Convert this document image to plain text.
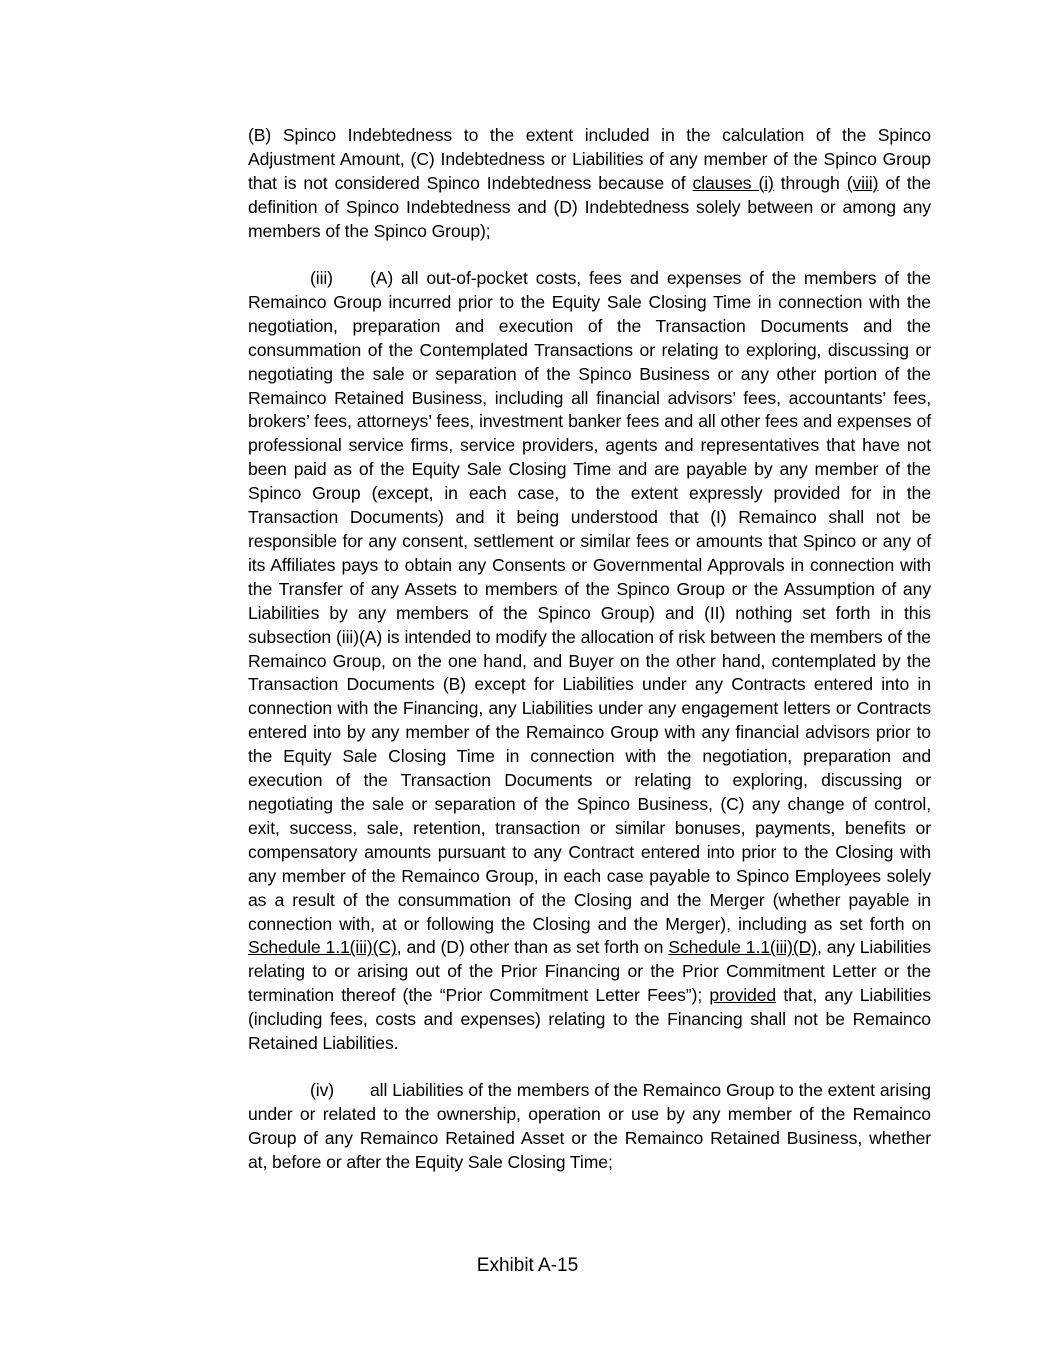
(B) Spinco Indebtedness to the extent included in the calculation of the Spinco Adjustment Amount, (C) Indebtedness or Liabilities of any member of the Spinco Group that is not considered Spinco Indebtedness because of clauses (i) through (viii) of the definition of Spinco Indebtedness and (D) Indebtedness solely between or among any members of the Spinco Group);

(iii) (A) all out-of-pocket costs, fees and expenses of the members of the Remainco Group incurred prior to the Equity Sale Closing Time in connection with the negotiation, preparation and execution of the Transaction Documents and the consummation of the Contemplated Transactions or relating to exploring, discussing or negotiating the sale or separation of the Spinco Business or any other portion of the Remainco Retained Business, including all financial advisors’ fees, accountants’ fees, brokers’ fees, attorneys’ fees, investment banker fees and all other fees and expenses of professional service firms, service providers, agents and representatives that have not been paid as of the Equity Sale Closing Time and are payable by any member of the Spinco Group (except, in each case, to the extent expressly provided for in the Transaction Documents) and it being understood that (I) Remainco shall not be responsible for any consent, settlement or similar fees or amounts that Spinco or any of its Affiliates pays to obtain any Consents or Governmental Approvals in connection with the Transfer of any Assets to members of the Spinco Group or the Assumption of any Liabilities by any members of the Spinco Group) and (II) nothing set forth in this subsection (iii)(A) is intended to modify the allocation of risk between the members of the Remainco Group, on the one hand, and Buyer on the other hand, contemplated by the Transaction Documents (B) except for Liabilities under any Contracts entered into in connection with the Financing, any Liabilities under any engagement letters or Contracts entered into by any member of the Remainco Group with any financial advisors prior to the Equity Sale Closing Time in connection with the negotiation, preparation and execution of the Transaction Documents or relating to exploring, discussing or negotiating the sale or separation of the Spinco Business, (C) any change of control, exit, success, sale, retention, transaction or similar bonuses, payments, benefits or compensatory amounts pursuant to any Contract entered into prior to the Closing with any member of the Remainco Group, in each case payable to Spinco Employees solely as a result of the consummation of the Closing and the Merger (whether payable in connection with, at or following the Closing and the Merger), including as set forth on Schedule 1.1(iii)(C), and (D) other than as set forth on Schedule 1.1(iii)(D), any Liabilities relating to or arising out of the Prior Financing or the Prior Commitment Letter or the termination thereof (the “Prior Commitment Letter Fees”); provided that, any Liabilities (including fees, costs and expenses) relating to the Financing shall not be Remainco Retained Liabilities.

(iv) all Liabilities of the members of the Remainco Group to the extent arising under or related to the ownership, operation or use by any member of the Remainco Group of any Remainco Retained Asset or the Remainco Retained Business, whether at, before or after the Equity Sale Closing Time;

Exhibit A-15
